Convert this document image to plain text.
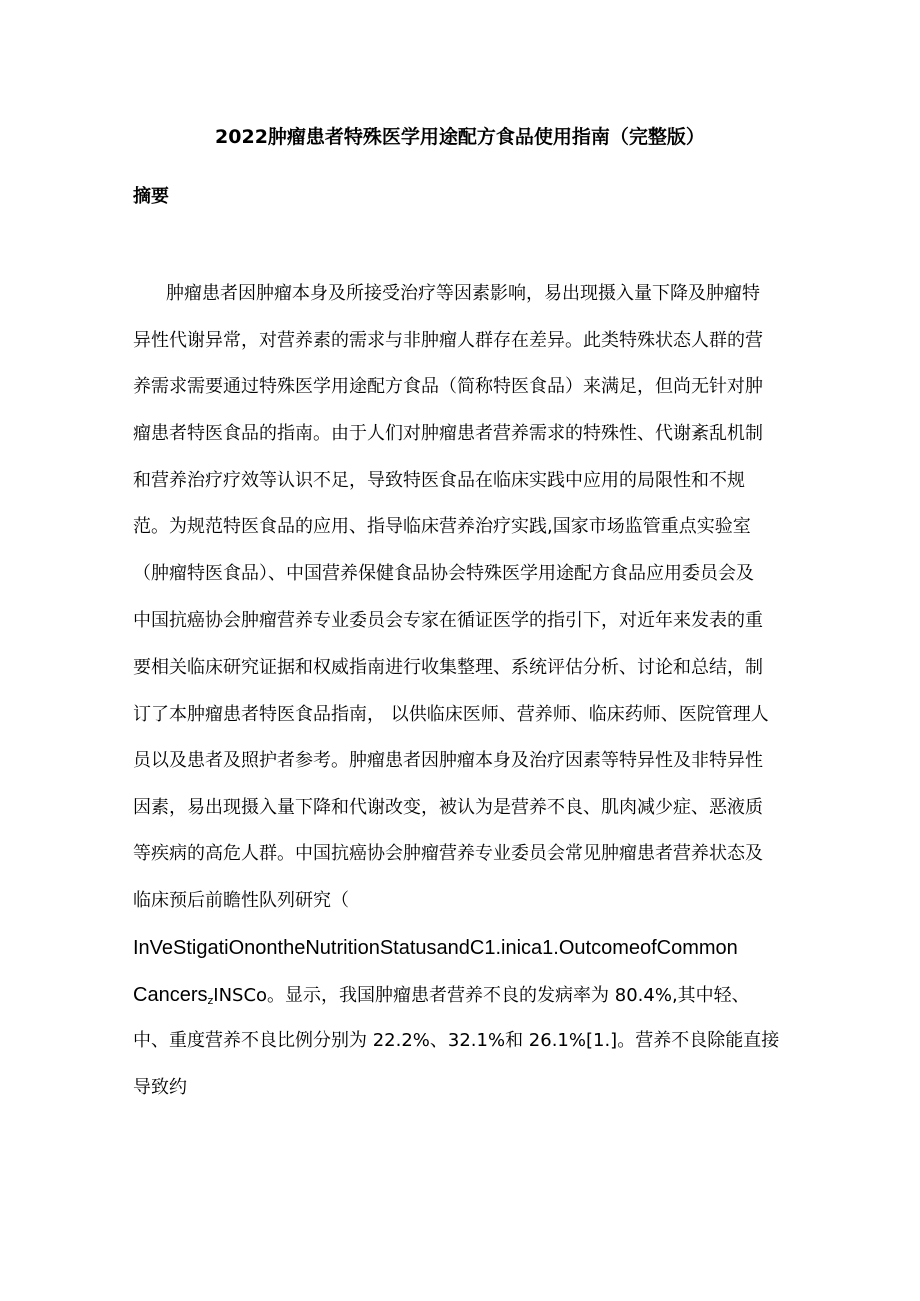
2022肿瘤患者特殊医学用途配方食品使用指南（完整版）
摘要
肿瘤患者因肿瘤本身及所接受治疗等因素影响，易出现摄入量下降及肿瘤特
异性代谢异常，对营养素的需求与非肿瘤人群存在差异。此类特殊状态人群的营
养需求需要通过特殊医学用途配方食品（简称特医食品）来满足，但尚无针对肿
瘤患者特医食品的指南。由于人们对肿瘤患者营养需求的特殊性、代谢紊乱机制
和营养治疗疗效等认识不足，导致特医食品在临床实践中应用的局限性和不规
范。为规范特医食品的应用、指导临床营养治疗实践,国家市场监管重点实验室
（肿瘤特医食品）、中国营养保健食品协会特殊医学用途配方食品应用委员会及
中国抗癌协会肿瘤营养专业委员会专家在循证医学的指引下，对近年来发表的重
要相关临床研究证据和权威指南进行收集整理、系统评估分析、讨论和总结，制
订了本肿瘤患者特医食品指南， 以供临床医师、营养师、临床药师、医院管理人
员以及患者及照护者参考。肿瘤患者因肿瘤本身及治疗因素等特异性及非特异性
因素，易出现摄入量下降和代谢改变，被认为是营养不良、肌肉减少症、恶液质
等疾病的高危人群。中国抗癌协会肿瘤营养专业委员会常见肿瘤患者营养状态及
临床预后前瞻性队列研究（
InVeStigatiOnontheNutritionStatusandC1.inica1.OutcomeofCommon
Cancers$_z$INSCo。显示，我国肿瘤患者营养不良的发病率为 80.4%,其中轻、
中、重度营养不良比例分别为 22.2%、32.1%和 26.1%[1.]。营养不良除能直接
导致约
